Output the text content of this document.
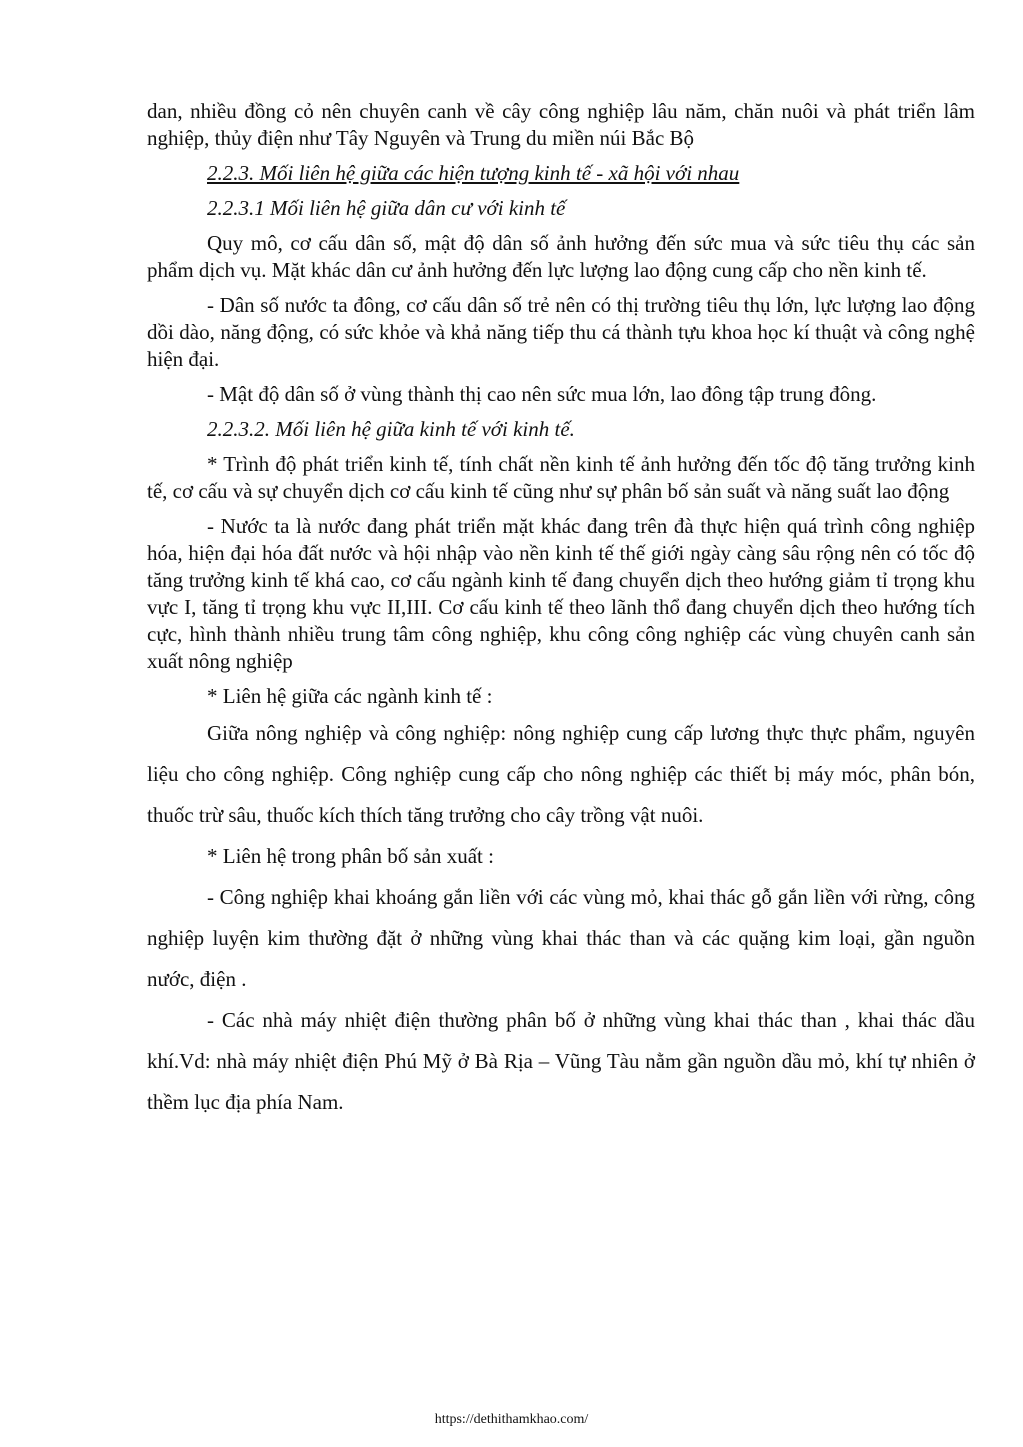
dan, nhiều đồng cỏ nên chuyên canh về cây công nghiệp lâu năm, chăn nuôi và phát triển lâm nghiệp, thủy điện như Tây Nguyên và Trung du miền núi Bắc Bộ

2.2.3. Mối liên hệ giữa các hiện tượng kinh tế - xã hội với nhau

2.2.3.1 Mối liên hệ giữa dân cư với kinh tế

Quy mô, cơ cấu dân số, mật độ dân số ảnh hưởng đến sức mua và sức tiêu thụ các sản phẩm dịch vụ. Mặt khác dân cư ảnh hưởng đến lực lượng lao động cung cấp cho nền kinh tế.

- Dân số nước ta đông, cơ cấu dân số trẻ nên có thị trường tiêu thụ lớn, lực lượng lao động dồi dào, năng động, có sức khỏe và khả năng tiếp thu cá thành tựu khoa học kí thuật và công nghệ hiện đại.

- Mật độ dân số ở vùng thành thị cao nên sức mua lớn, lao đông tập trung đông.

2.2.3.2. Mối liên hệ giữa kinh tế với kinh tế.

* Trình độ phát triển kinh tế, tính chất nền kinh tế ảnh hưởng đến tốc độ tăng trưởng kinh tế, cơ cấu và sự chuyển dịch cơ cấu kinh tế cũng như sự phân bố sản suất và năng suất lao động

- Nước ta là nước đang phát triển mặt khác đang trên đà thực hiện quá trình công nghiệp hóa, hiện đại hóa đất nước và hội nhập vào nền kinh tế thế giới ngày càng sâu rộng nên có tốc độ tăng trưởng kinh tế khá cao, cơ cấu ngành kinh tế đang chuyển dịch theo hướng giảm tỉ trọng khu vực I, tăng tỉ trọng khu vực II,III. Cơ cấu kinh tế theo lãnh thổ đang chuyển dịch theo hướng tích cực, hình thành nhiều trung tâm công nghiệp, khu công công nghiệp các vùng chuyên canh sản xuất nông nghiệp

* Liên hệ giữa các ngành kinh tế :

Giữa nông nghiệp và công nghiệp: nông nghiệp cung cấp lương thực thực phẩm, nguyên liệu cho công nghiệp. Công nghiệp cung cấp cho nông nghiệp các thiết bị máy móc, phân bón, thuốc trừ sâu, thuốc kích thích tăng trưởng cho cây trồng vật nuôi.

* Liên hệ trong phân bố sản xuất :

- Công nghiệp khai khoáng gắn liền với các vùng mỏ, khai thác gỗ gắn liền với rừng, công nghiệp luyện kim thường đặt ở những vùng khai thác than và các quặng kim loại, gần nguồn nước, điện .

- Các nhà máy nhiệt điện thường phân bố ở những vùng khai thác than , khai thác dầu khí.Vd: nhà máy nhiệt điện Phú Mỹ ở Bà Rịa – Vũng Tàu nằm gần nguồn dầu mỏ, khí tự nhiên ở thềm lục địa phía Nam.

https://dethithamkhao.com/
